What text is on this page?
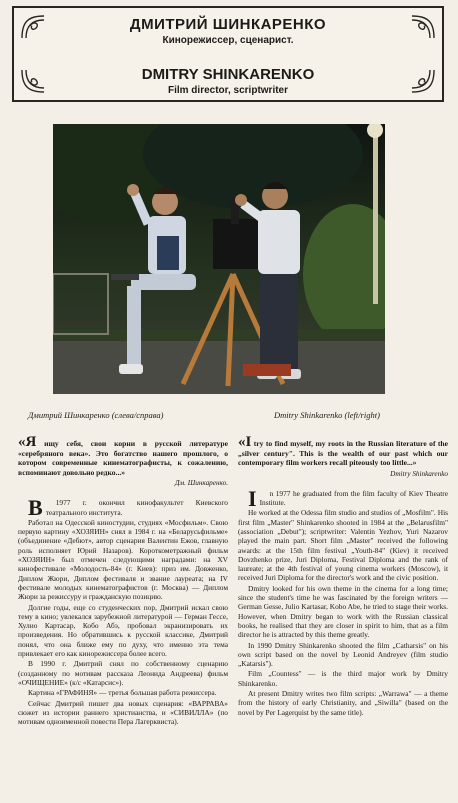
ДМИТРИЙ ШИНКАРЕНКО
Кинорежиссер, сценарист.
DMITRY SHINKARENKO
Film director, scriptwriter
Дмитрий Шинкаренко (слева/справа)	Dmitry Shinkarenko (left/right)

«Я ищу себя, свои корни в русской литературе «серебряного века». Это богатство нашего прошлого, о котором современные кинематографисты, к сожалению, вспоминают довольно редко...»

Дм. Шинкаренко.

В 1977 г. окончил кинофакультет Киевского театрального института.

Работал на Одесской киностудии, студиях «Мосфильм». Свою первую картину «ХОЗЯИН» снял в 1984 г. на «Беларусьфильме» (объединение «Дебют», автор сценария Валентин Ежов, главную роль исполняет Юрий Назаров). Короткометражный фильм «ХОЗЯИН» был отмечен следующими наградами: на XV кинофестивале «Молодость-84» (г. Киев): приз им. Довженко, Диплом Жюри, Диплом фестиваля и звание лауреата; на IV фестивале молодых кинематографистов (г. Москва) — Диплом Жюри за режиссуру и гражданскую позицию.

Долгие годы, еще со студенческих пор, Дмитрий искал свою тему в кино; увлекался зарубежной литературой — Герман Гессе, Хулио Картасар, Кобо Абэ, пробовал экранизировать их произведения. Но обратившись к русской классике, Дмитрий понял, что она ближе ему по духу, что именно эта тема привлекает его как кинорежиссера более всего.

В 1990 г. Дмитрий снял по собственному сценарию (созданному по мотивам рассказа Леонида Андреева) фильм «ОЧИЩЕНИЕ» (к/с «Катарсис»).

Картина «ГРАФИНЯ» — третья большая работа режиссера.

Сейчас Дмитрий пишет два новых сценария: «ВАРРАВА» сюжет из истории раннего христианства, и «СИВИЛЛА» (по мотивам одноименной повести Пера Лагерквиста).

«I try to find myself, my roots in the Russian literature of the „silver century". This is the wealth of our past which our contemporary film workers recall piteously too little...»

Dmitry Shinkarenko

I n 1977 he graduated from the film faculty of Kiev Theatre Institute.

He worked at the Odessa film studio and studios of „Mosfilm". His first film „Master" Shinkarenko shooted in 1984 at the „Belarusfilm" (association „Debut"); scriptwriter: Valentin Yezhov, Yuri Nazarov played the main part. Short film „Master" received the following awards: at the 15th film festival „Youth-84" (Kiev) it received Dovzhenko prize, Juri Diploma, Festival Diploma and the rank of laureate; at the 4th festival of young cinema workers (Moscow), it received Juri Diploma for the director's work and the civic position.

Dmitry looked for his own theme in the cinema for a long time; since the student's time he was fascinated by the foreign writers — German Gesse, Julio Kartasar, Kobo Abe, he tried to stage their works. However, when Dmitry began to work with the Russian classical books, he realised that they are closer in spirit to him, that as a film director he is attracted by this theme greatly.

In 1990 Dmitry Shinkarenko shooted the film „Catharsis" on his own script based on the novel by Leonid Andreyev (film studio „Katarsis").

Film „Countess" — is the third major work by Dmitry Shinkarenko.

At present Dmitry writes two film scripts: „Warrawa" — a theme from the history of early Christianity, and „Siwilla" (based on the novel by Per Lagerquist by the same title).
